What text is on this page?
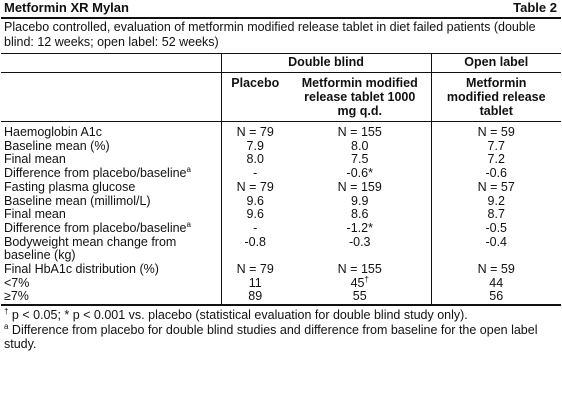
Metformin XR Mylan	Table 2
Placebo controlled, evaluation of metformin modified release tablet in diet failed patients (double blind: 12 weeks; open label: 52 weeks)
	Double blind		Open label
	Placebo	Metformin modified release tablet 1000 mg q.d.	Metformin modified release tablet
Haemoglobin A1c	N = 79	N = 155	N = 59
Baseline mean (%)	7.9	8.0	7.7
Final mean	8.0	7.5	7.2
Difference from placebo/baseline$^a$	-	-0.6*	-0.6
Fasting plasma glucose	N = 79	N = 159	N = 57
Baseline mean (millimol/L)	9.6	9.9	9.2
Final mean	9.6	8.6	8.7
Difference from placebo/baseline$^a$	-	-1.2*	-0.5
Bodyweight mean change from baseline (kg)	-0.8	-0.3	-0.4
Final HbA1c distribution (%)	N = 79	N = 155	N = 59
<7%	11	45†	44
≥7%	89	55	56
† p < 0.05; * p < 0.001 vs. placebo (statistical evaluation for double blind study only).
$^a$ Difference from placebo for double blind studies and difference from baseline for the open label study.
